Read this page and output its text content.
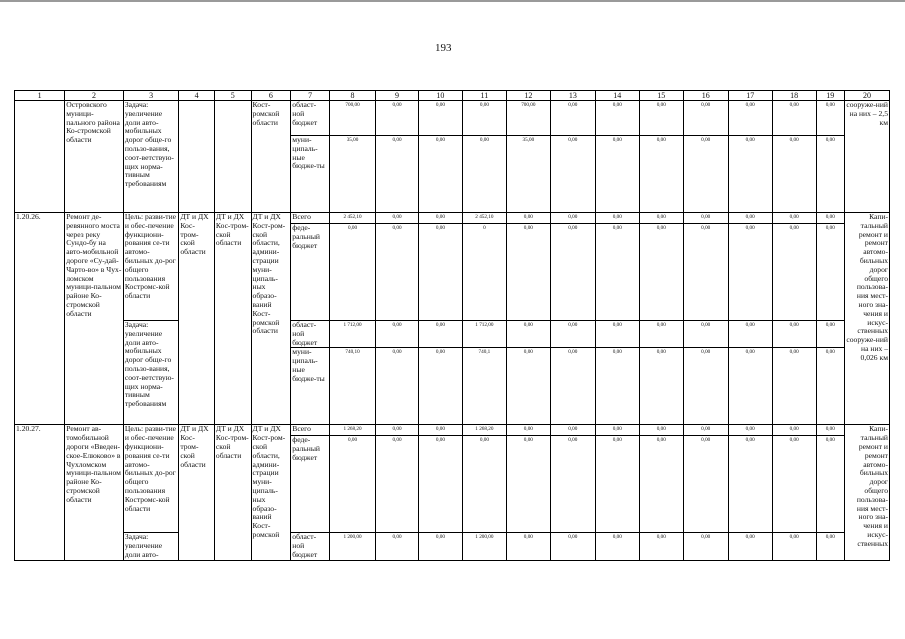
193
1	2	3	4	5	6	7	8	9	10	11	12	13	14	15	16	17	18	19	20
	Островского муници-пального района Ко-стромской области	Задача: увеличение доли авто-мобильных дорог обще-го пользо-вания, соот-ветствую-щих норма-тивным требованиям			Кост-ромской области	област-ной бюджет	700,00	0,00	0,00	0,00	700,00	0,00	0,00	0,00	0,00	0,00	0,00	0,00	сооруже-ний на них – 2,5 км
						муни-ципаль-ные бюдже-ты	35,00	0,00	0,00	0,00	35,00	0,00	0,00	0,00	0,00	0,00	0,00	0,00	
1.20.26.	Ремонт де-ревянного моста через реку Сундо-бу на авто-мобильной дороге «Су-дай-Чарто-во» в Чух-ломском муници-пальном районе Ко-стромской области	Цель: разви-тие и обес-печение функциони-рования се-ти автомо-бильных до-рог общего пользования Костромс-кой области	ДТ и ДХ Кос-тром-ской области	ДТ и ДХ Кос-тром-ской области	ДТ и ДХ Кост-ром-ской области, админи-страции муни-ципаль-ных образо-ваний Кост-ромской области	Всего	2 452,10	0,00	0,00	2 452,10	0,00	0,00	0,00	0,00	0,00	0,00	0,00	0,00	Капи-тальный ремонт и ремонт автомо-бильных дорог общего пользова-ния мест-ного зна-чения и искус-ственных сооруже-ний на них – 0,026 км
						феде-ральный бюджет	0,00	0,00	0,00	0	0,00	0,00	0,00	0,00	0,00	0,00	0,00	0,00	
		Задача: увеличение доли авто-мобильных дорог обще-го пользо-вания, соот-ветствую-щих норма-тивным требованиям				област-ной бюджет	1 712,00	0,00	0,00	1 712,00	0,00	0,00	0,00	0,00	0,00	0,00	0,00	0,00	
						муни-ципаль-ные бюдже-ты	740,10	0,00	0,00	740,1	0,00	0,00	0,00	0,00	0,00	0,00	0,00	0,00	
1.20.27.	Ремонт ав-томобильной дороги «Введен-ское-Елюково» в Чухломском муници-пальном районе Ко-стромской области	Цель: разви-тие и обес-печение функциони-рования се-ти автомо-бильных до-рог общего пользования Костромс-кой области	ДТ и ДХ Кос-тром-ской области	ДТ и ДХ Кос-тром-ской области	ДТ и ДХ Кост-ром-ской области, админи-страции муни-ципаль-ных образо-ваний Кост-ромской	Всего	1 268,20	0,00	0,00	1 268,20	0,00	0,00	0,00	0,00	0,00	0,00	0,00	0,00	Капи-тальный ремонт и ремонт автомо-бильных дорог общего пользова-ния мест-ного зна-чения и искус-ственных
						феде-ральный бюджет	0,00	0,00	0,00	0,00	0,00	0,00	0,00	0,00	0,00	0,00	0,00	0,00	
		Задача: увеличение доли авто-				област-ной бюджет	1 200,00	0,00	0,00	1 200,00	0,00	0,00	0,00	0,00	0,00	0,00	0,00	0,00	
